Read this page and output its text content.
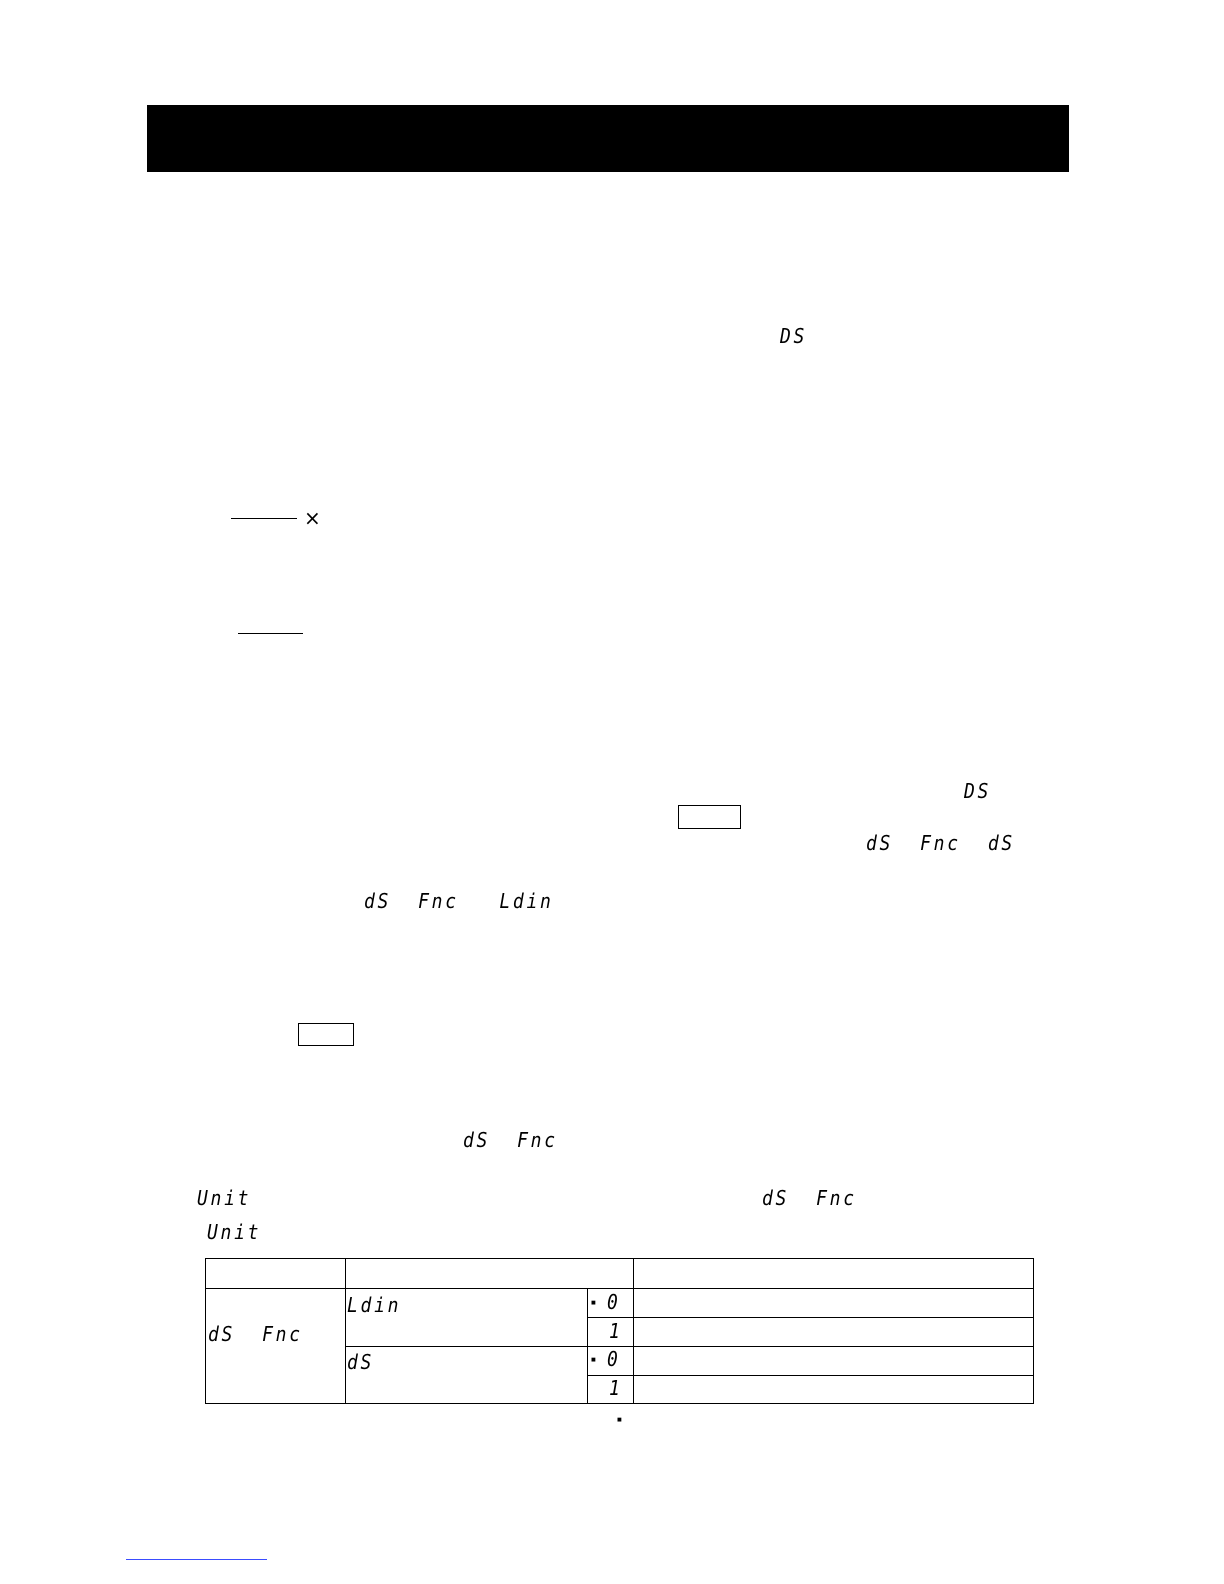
DS
×
DS
dS  Fnc  dS
dS  Fnc   Ldin
dS  Fnc
Unit	dS  Fnc
Unit
dS  Fnc
Ldin	■ 0
1
dS	■ 0
1
■
